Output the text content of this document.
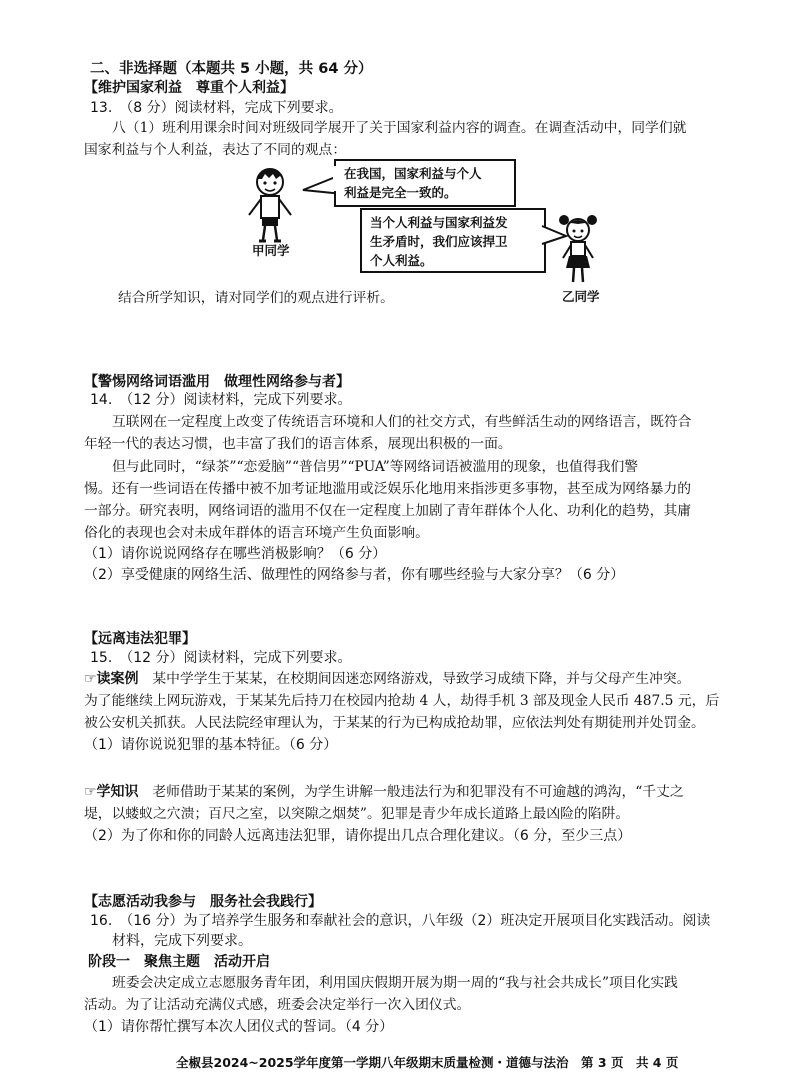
二、非选择题（本题共 5 小题，共 64 分）
【维护国家利益　尊重个人利益】
13.　（8 分）阅读材料，完成下列要求。
八（1）班利用课余时间对班级同学展开了关于国家利益内容的调查。在调查活动中，同学们就
国家利益与个人利益，表达了不同的观点：
甲同学
在我国，国家利益与个人
利益是完全一致的。
当个人利益与国家利益发
生矛盾时，我们应该捍卫
个人利益。
乙同学
结合所学知识，请对同学们的观点进行评析。
【警惕网络词语滥用　做理性网络参与者】
14.　（12 分）阅读材料，完成下列要求。
互联网在一定程度上改变了传统语言环境和人们的社交方式，有些鲜活生动的网络语言，既符合
年轻一代的表达习惯，也丰富了我们的语言体系，展现出积极的一面。
但与此同时，“绿茶”“恋爱脑”“普信男”“PUA”等网络词语被滥用的现象，也值得我们警
惕。还有一些词语在传播中被不加考证地滥用或泛娱乐化地用来指涉更多事物，甚至成为网络暴力的
一部分。研究表明，网络词语的滥用不仅在一定程度上加剧了青年群体个人化、功利化的趋势，其庸
俗化的表现也会对未成年群体的语言环境产生负面影响。
（1）请你说说网络存在哪些消极影响？（6 分）
（2）享受健康的网络生活、做理性的网络参与者，你有哪些经验与大家分享？（6 分）
【远离违法犯罪】
15.　（12 分）阅读材料，完成下列要求。
☞读案例　某中学学生于某某，在校期间因迷恋网络游戏，导致学习成绩下降，并与父母产生冲突。
为了能继续上网玩游戏，于某某先后持刀在校园内抢劫 4 人，劫得手机 3 部及现金人民币 487.5 元，后
被公安机关抓获。人民法院经审理认为，于某某的行为已构成抢劫罪，应依法判处有期徒刑并处罚金。
（1）请你说说犯罪的基本特征。（6 分）
☞学知识　老师借助于某某的案例，为学生讲解一般违法行为和犯罪没有不可逾越的鸿沟，“千丈之
堤，以蝼蚁之穴溃；百尺之室，以突隙之烟焚”。犯罪是青少年成长道路上最凶险的陷阱。
（2）为了你和你的同龄人远离违法犯罪，请你提出几点合理化建议。（6 分，至少三点）
【志愿活动我参与　服务社会我践行】
16.　（16 分）为了培养学生服务和奉献社会的意识，八年级（2）班决定开展项目化实践活动。阅读
材料，完成下列要求。
阶段一　聚焦主题　活动开启
班委会决定成立志愿服务青年团，利用国庆假期开展为期一周的“我与社会共成长”项目化实践
活动。为了让活动充满仪式感，班委会决定举行一次入团仪式。
（1）请你帮忙撰写本次人团仪式的誓词。（4 分）
全椒县2024~2025学年度第一学期八年级期末质量检测・道德与法治　第 3 页　共 4 页
